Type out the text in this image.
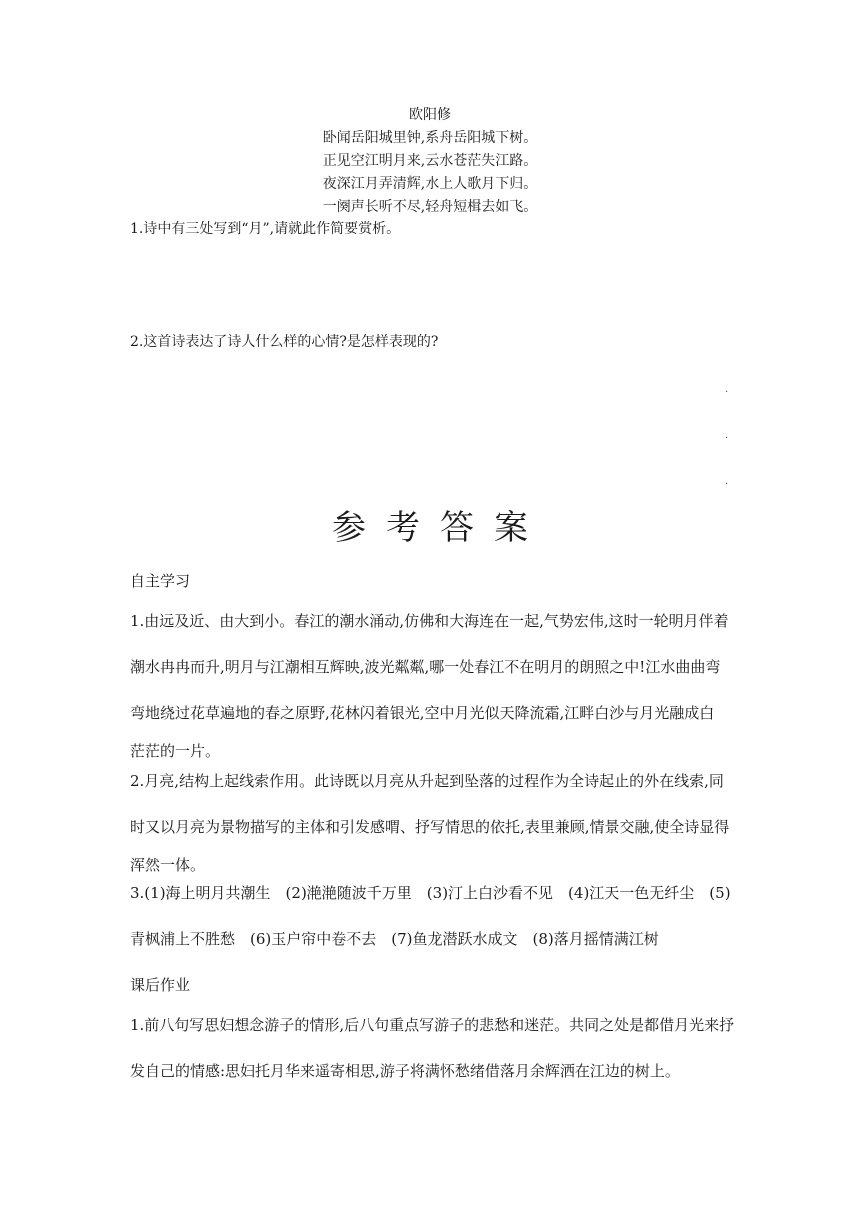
欧阳修
卧闻岳阳城里钟,系舟岳阳城下树。
正见空江明月来,云水苍茫失江路。
夜深江月弄清辉,水上人歌月下归。
一阕声长听不尽,轻舟短楫去如飞。
1.诗中有三处写到“月”,请就此作简要赏析。
2.这首诗表达了诗人什么样的心情?是怎样表现的?
.
.
.
参考答案
自主学习
1.由远及近、由大到小。春江的潮水涌动,仿佛和大海连在一起,气势宏伟,这时一轮明月伴着
潮水冉冉而升,明月与江潮相互辉映,波光粼粼,哪一处春江不在明月的朗照之中!江水曲曲弯
弯地绕过花草遍地的春之原野,花林闪着银光,空中月光似天降流霜,江畔白沙与月光融成白
茫茫的一片。
2.月亮,结构上起线索作用。此诗既以月亮从升起到坠落的过程作为全诗起止的外在线索,同
时又以月亮为景物描写的主体和引发感喟、抒写情思的依托,表里兼顾,情景交融,使全诗显得
浑然一体。
3.(1)海上明月共潮生　(2)滟滟随波千万里　(3)汀上白沙看不见　(4)江天一色无纤尘　(5)
青枫浦上不胜愁　(6)玉户帘中卷不去　(7)鱼龙潜跃水成文　(8)落月摇情满江树
课后作业
1.前八句写思妇想念游子的情形,后八句重点写游子的悲愁和迷茫。共同之处是都借月光来抒
发自己的情感:思妇托月华来遥寄相思,游子将满怀愁绪借落月余辉洒在江边的树上。
